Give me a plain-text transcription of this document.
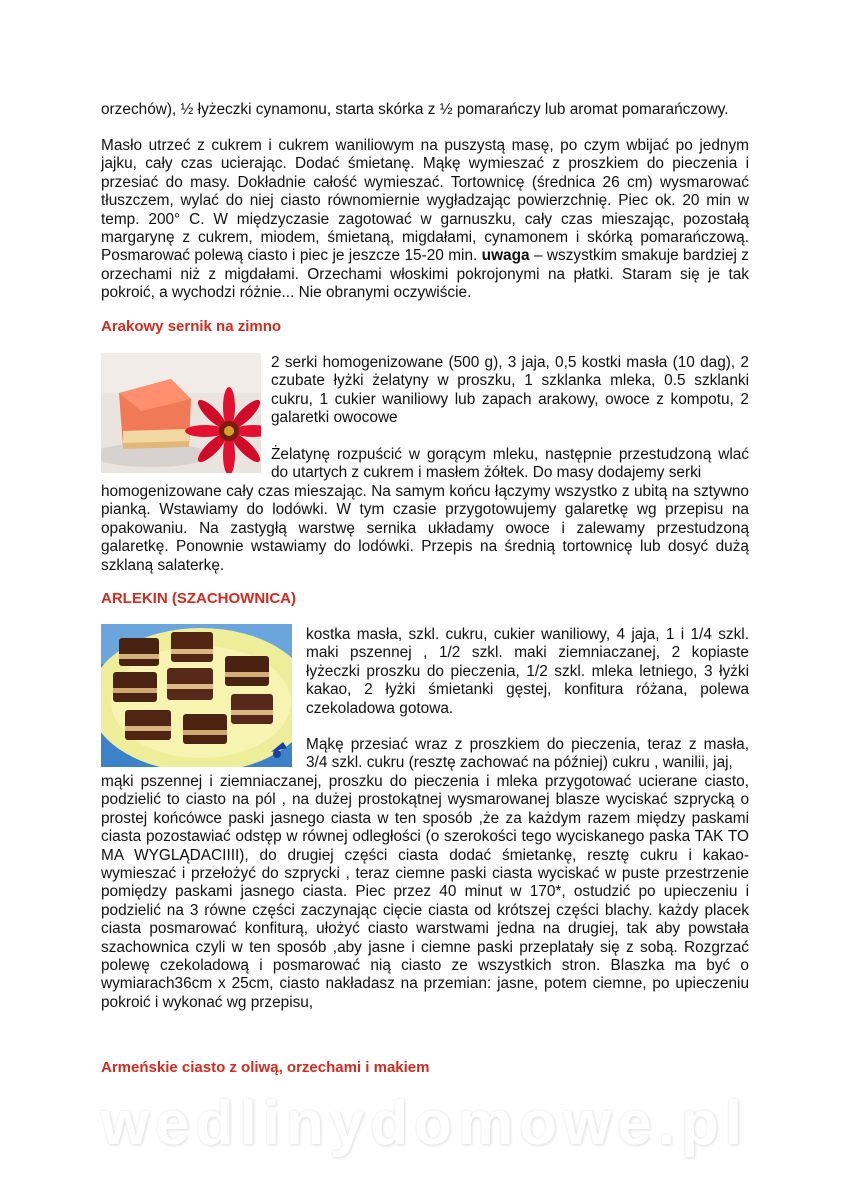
orzechów), ½ łyżeczki cynamonu, starta skórka z ½ pomarańczy lub aromat pomarańczowy.

Masło utrzeć z cukrem i cukrem waniliowym na puszystą masę, po czym wbijać po jednym jajku, cały czas ucierając. Dodać śmietanę. Mąkę wymieszać z proszkiem do pieczenia i przesiać do masy. Dokładnie całość wymieszać. Tortownicę (średnica 26 cm) wysmarować tłuszczem, wylać do niej ciasto równomiernie wygładzając powierzchnię. Piec ok. 20 min w temp. 200° C. W międzyczasie zagotować w garnuszku, cały czas mieszając, pozostałą margarynę z cukrem, miodem, śmietaną, migdałami, cynamonem i skórką pomarańczową. Posmarować polewą ciasto i piec je jeszcze 15-20 min. uwaga – wszystkim smakuje bardziej z orzechami niż z migdałami. Orzechami włoskimi pokrojonymi na płatki. Staram się je tak pokroić, a wychodzi różnie... Nie obranymi oczywiście.

Arakowy sernik na zimno

2 serki homogenizowane (500 g), 3 jaja, 0,5 kostki masła (10 dag), 2 czubate łyżki żelatyny w proszku, 1 szklanka mleka, 0.5 szklanki cukru, 1 cukier waniliowy lub zapach arakowy, owoce z kompotu, 2 galaretki owocowe

Żelatynę rozpuścić w gorącym mleku, następnie przestudzoną wlać do utartych z cukrem i masłem żółtek. Do masy dodajemy serki

homogenizowane cały czas mieszając. Na samym końcu łączymy wszystko z ubitą na sztywno pianką. Wstawiamy do lodówki. W tym czasie przygotowujemy galaretkę wg przepisu na opakowaniu. Na zastygłą warstwę sernika układamy owoce i zalewamy przestudzoną galaretkę. Ponownie wstawiamy do lodówki. Przepis na średnią tortownicę lub dosyć dużą szklaną salaterkę.

ARLEKIN (SZACHOWNICA)

kostka masła, szkl. cukru, cukier waniliowy, 4 jaja, 1 i 1/4 szkl. maki pszennej , 1/2 szkl. maki ziemniaczanej, 2 kopiaste łyżeczki proszku do pieczenia, 1/2 szkl. mleka letniego, 3 łyżki kakao, 2 łyżki śmietanki gęstej, konfitura różana, polewa czekoladowa gotowa.

Mąkę przesiać wraz z proszkiem do pieczenia, teraz z masła, 3/4 szkl. cukru (resztę zachować na później) cukru , wanilii, jaj,

mąki pszennej i ziemniaczanej, proszku do pieczenia i mleka przygotować ucierane ciasto, podzielić to ciasto na pól , na dużej prostokątnej wysmarowanej blasze wyciskać szprycką o prostej końcówce paski jasnego ciasta w ten sposób ,że za każdym razem między paskami ciasta pozostawiać odstęp w równej odległości (o szerokości tego wyciskanego paska TAK TO MA WYGLĄDACIIII), do drugiej części ciasta dodać śmietankę, resztę cukru i kakao-wymieszać i przełożyć do szprycki , teraz ciemne paski ciasta wyciskać w puste przestrzenie pomiędzy paskami jasnego ciasta. Piec przez 40 minut w 170*, ostudzić po upieczeniu i podzielić na 3 równe części zaczynając cięcie ciasta od krótszej części blachy. każdy placek ciasta posmarować konfiturą, ułożyć ciasto warstwami jedna na drugiej, tak aby powstała szachownica czyli w ten sposób ,aby jasne i ciemne paski przeplatały się z sobą. Rozgrzać polewę czekoladową i posmarować nią ciasto ze wszystkich stron. Blaszka ma być o wymiarach36cm x 25cm, ciasto nakładasz na przemian: jasne, potem ciemne, po upieczeniu pokroić i wykonać wg przepisu,

Armeńskie ciasto z oliwą, orzechami i makiem
wedlinydomowe.pl
